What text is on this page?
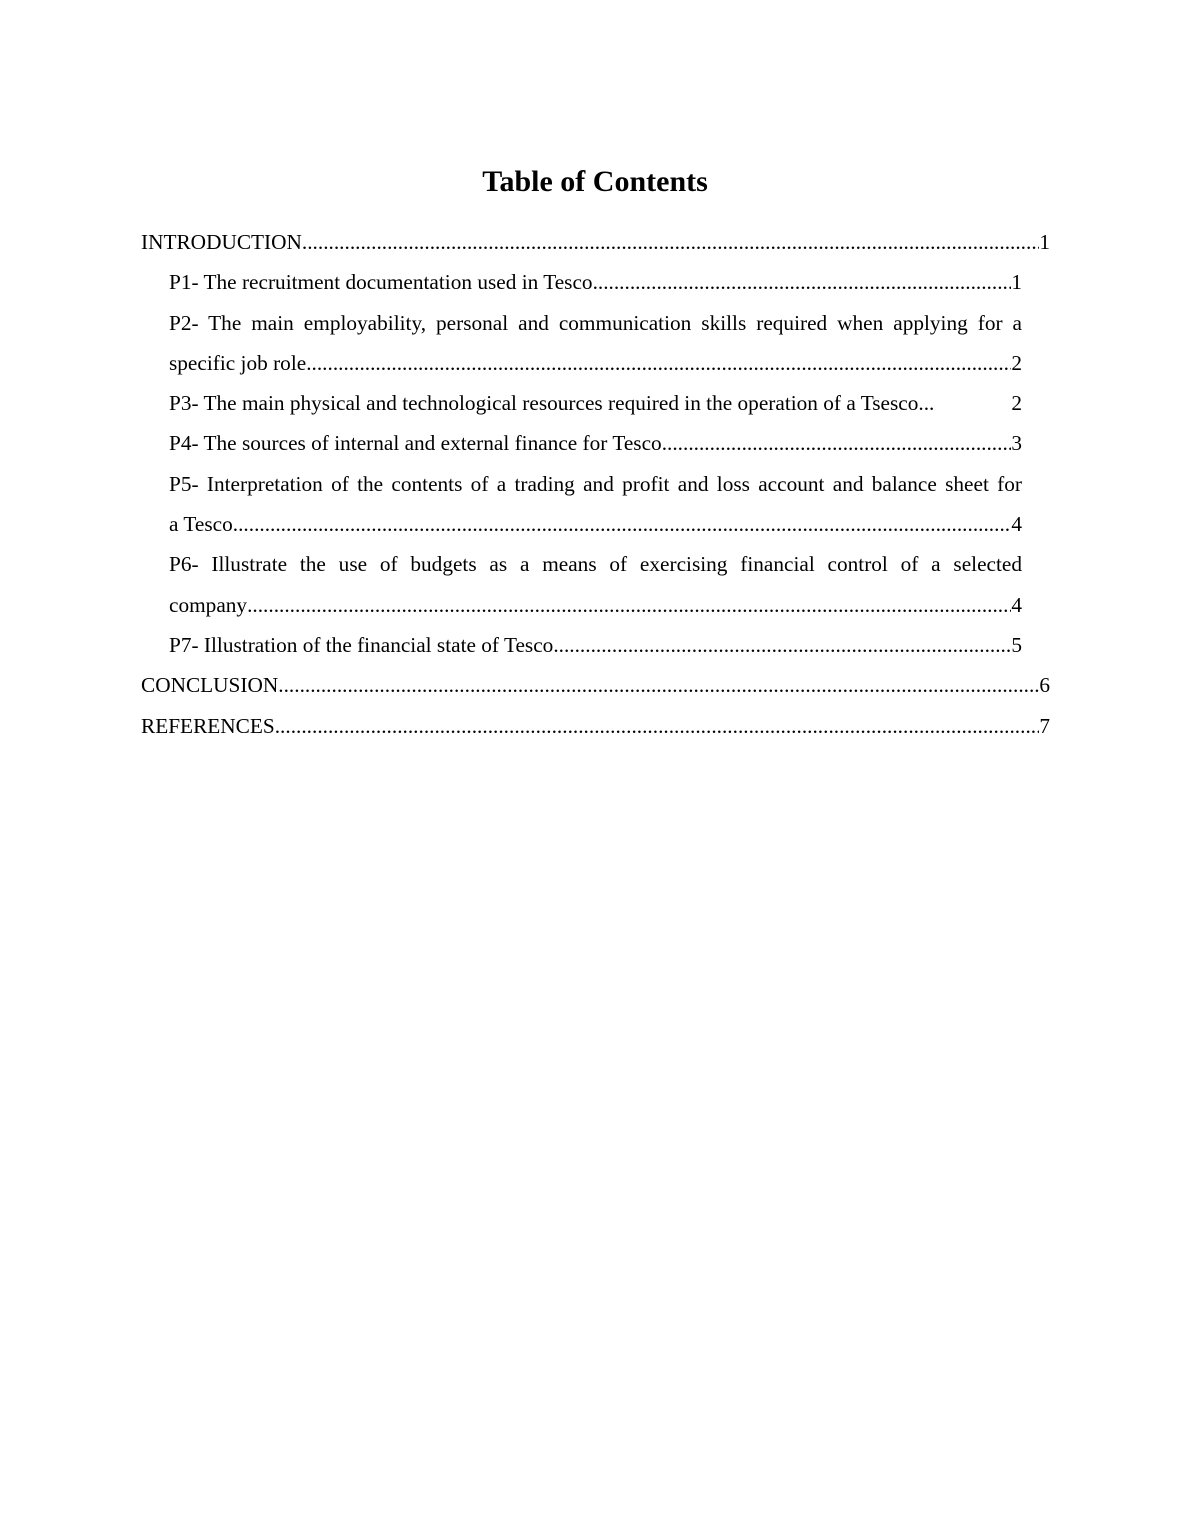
Table of Contents
INTRODUCTION .....	1
P1- The recruitment documentation used in Tesco .....	1
P2- The main employability, personal and communication skills required when applying for a
specific job role .....	2
P3- The main physical and technological resources required in the operation of a Tsesco ...	2
P4- The sources of internal and external finance for Tesco .....	3
P5- Interpretation of the contents of a trading and profit and loss account and balance sheet for
a Tesco .....	4
P6- Illustrate the use of budgets as a means of exercising financial control of a selected
company .....	4
P7- Illustration of the financial state of Tesco .....	5
CONCLUSION .....	6
REFERENCES .....	7
